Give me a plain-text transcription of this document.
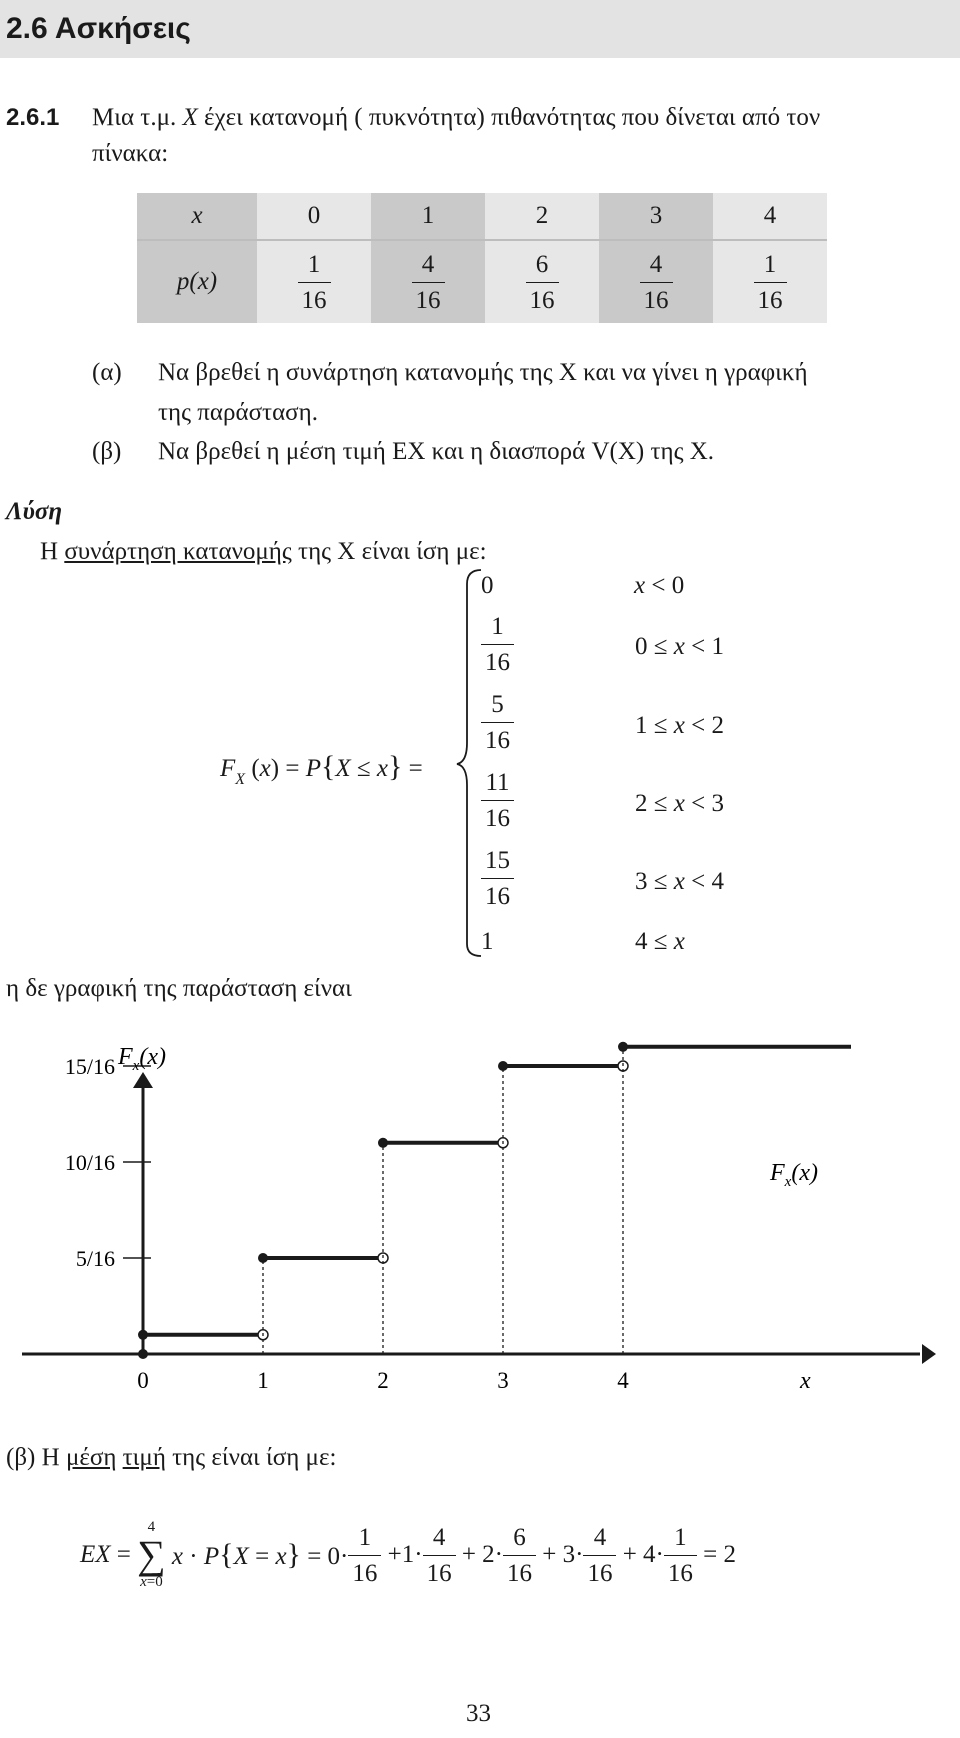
2.6 Ασκήσεις
2.6.1 Μια τ.μ. X έχει κατανομή ( πυκνότητα) πιθανότητας που δίνεται από τον
πίνακα:
x	0	1	2	3	4
p(x)	$\frac{1}{16}$	$\frac{4}{16}$	$\frac{6}{16}$	$\frac{4}{16}$	$\frac{1}{16}$
(α) Να βρεθεί η συνάρτηση κατανομής της X και να γίνει η γραφική
της παράσταση.
(β) Να βρεθεί η μέση τιμή EX και η διασπορά V(X) της X.
Λύση
Η συνάρτηση κατανομής της X είναι ίση με:
$F_X$ (x) = P{X ≤ x} =
0	x < 0
$\frac{1}{16}$	0 ≤ x < 1
$\frac{5}{16}$	1 ≤ x < 2
$\frac{11}{16}$	2 ≤ x < 3
$\frac{15}{16}$	3 ≤ x < 4
1	4 ≤ x
η δε γραφική της παράσταση είναι
5/16
10/16
15/16
0	1	2	3	4
$F_x(x)$
$F_x(x)$
x
(β) Η μέση τιμή της είναι ίση με:
EX =
4
∑
x=0
$x \cdot P\{X = x\} = 0\cdot \frac{1}{16} +1\cdot \frac{4}{16} + 2\cdot \frac{6}{16} + 3\cdot \frac{4}{16} + 4\cdot \frac{1}{16} = 2$
33
